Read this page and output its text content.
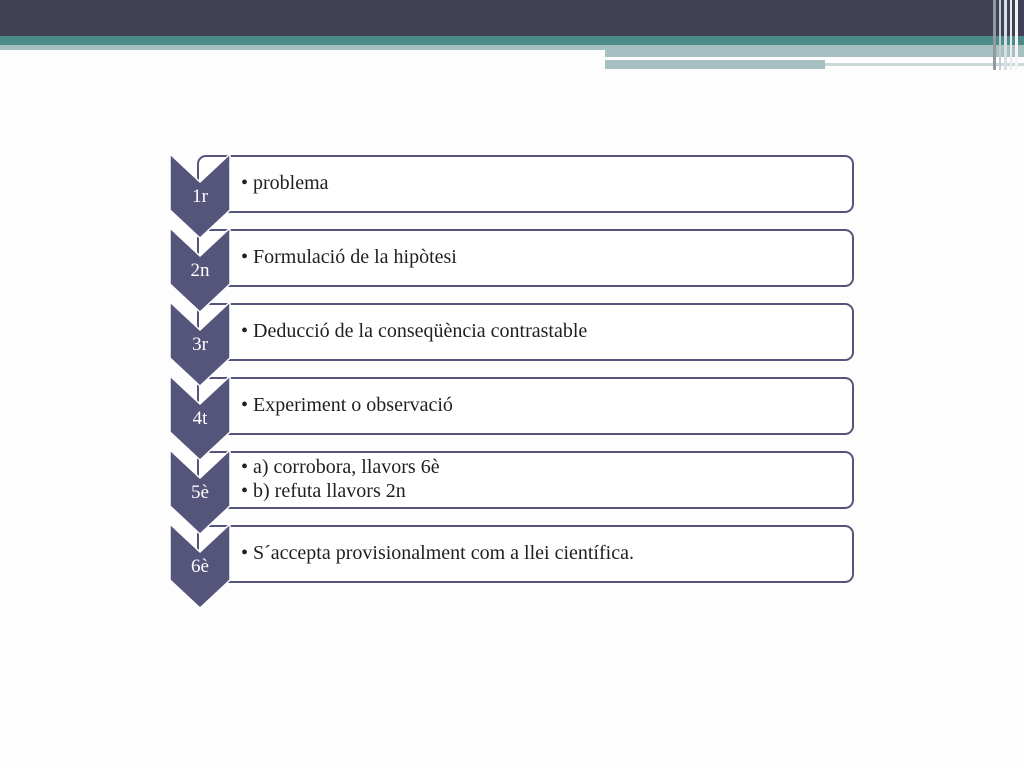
• problema
• Formulació de la hipòtesi
• Deducció de la conseqüència contrastable
• Experiment o observació
• a) corrobora, llavors 6è
• b) refuta llavors 2n
• S´accepta provisionalment com a llei científica.
1r
2n
3r
4t
5è
6è
